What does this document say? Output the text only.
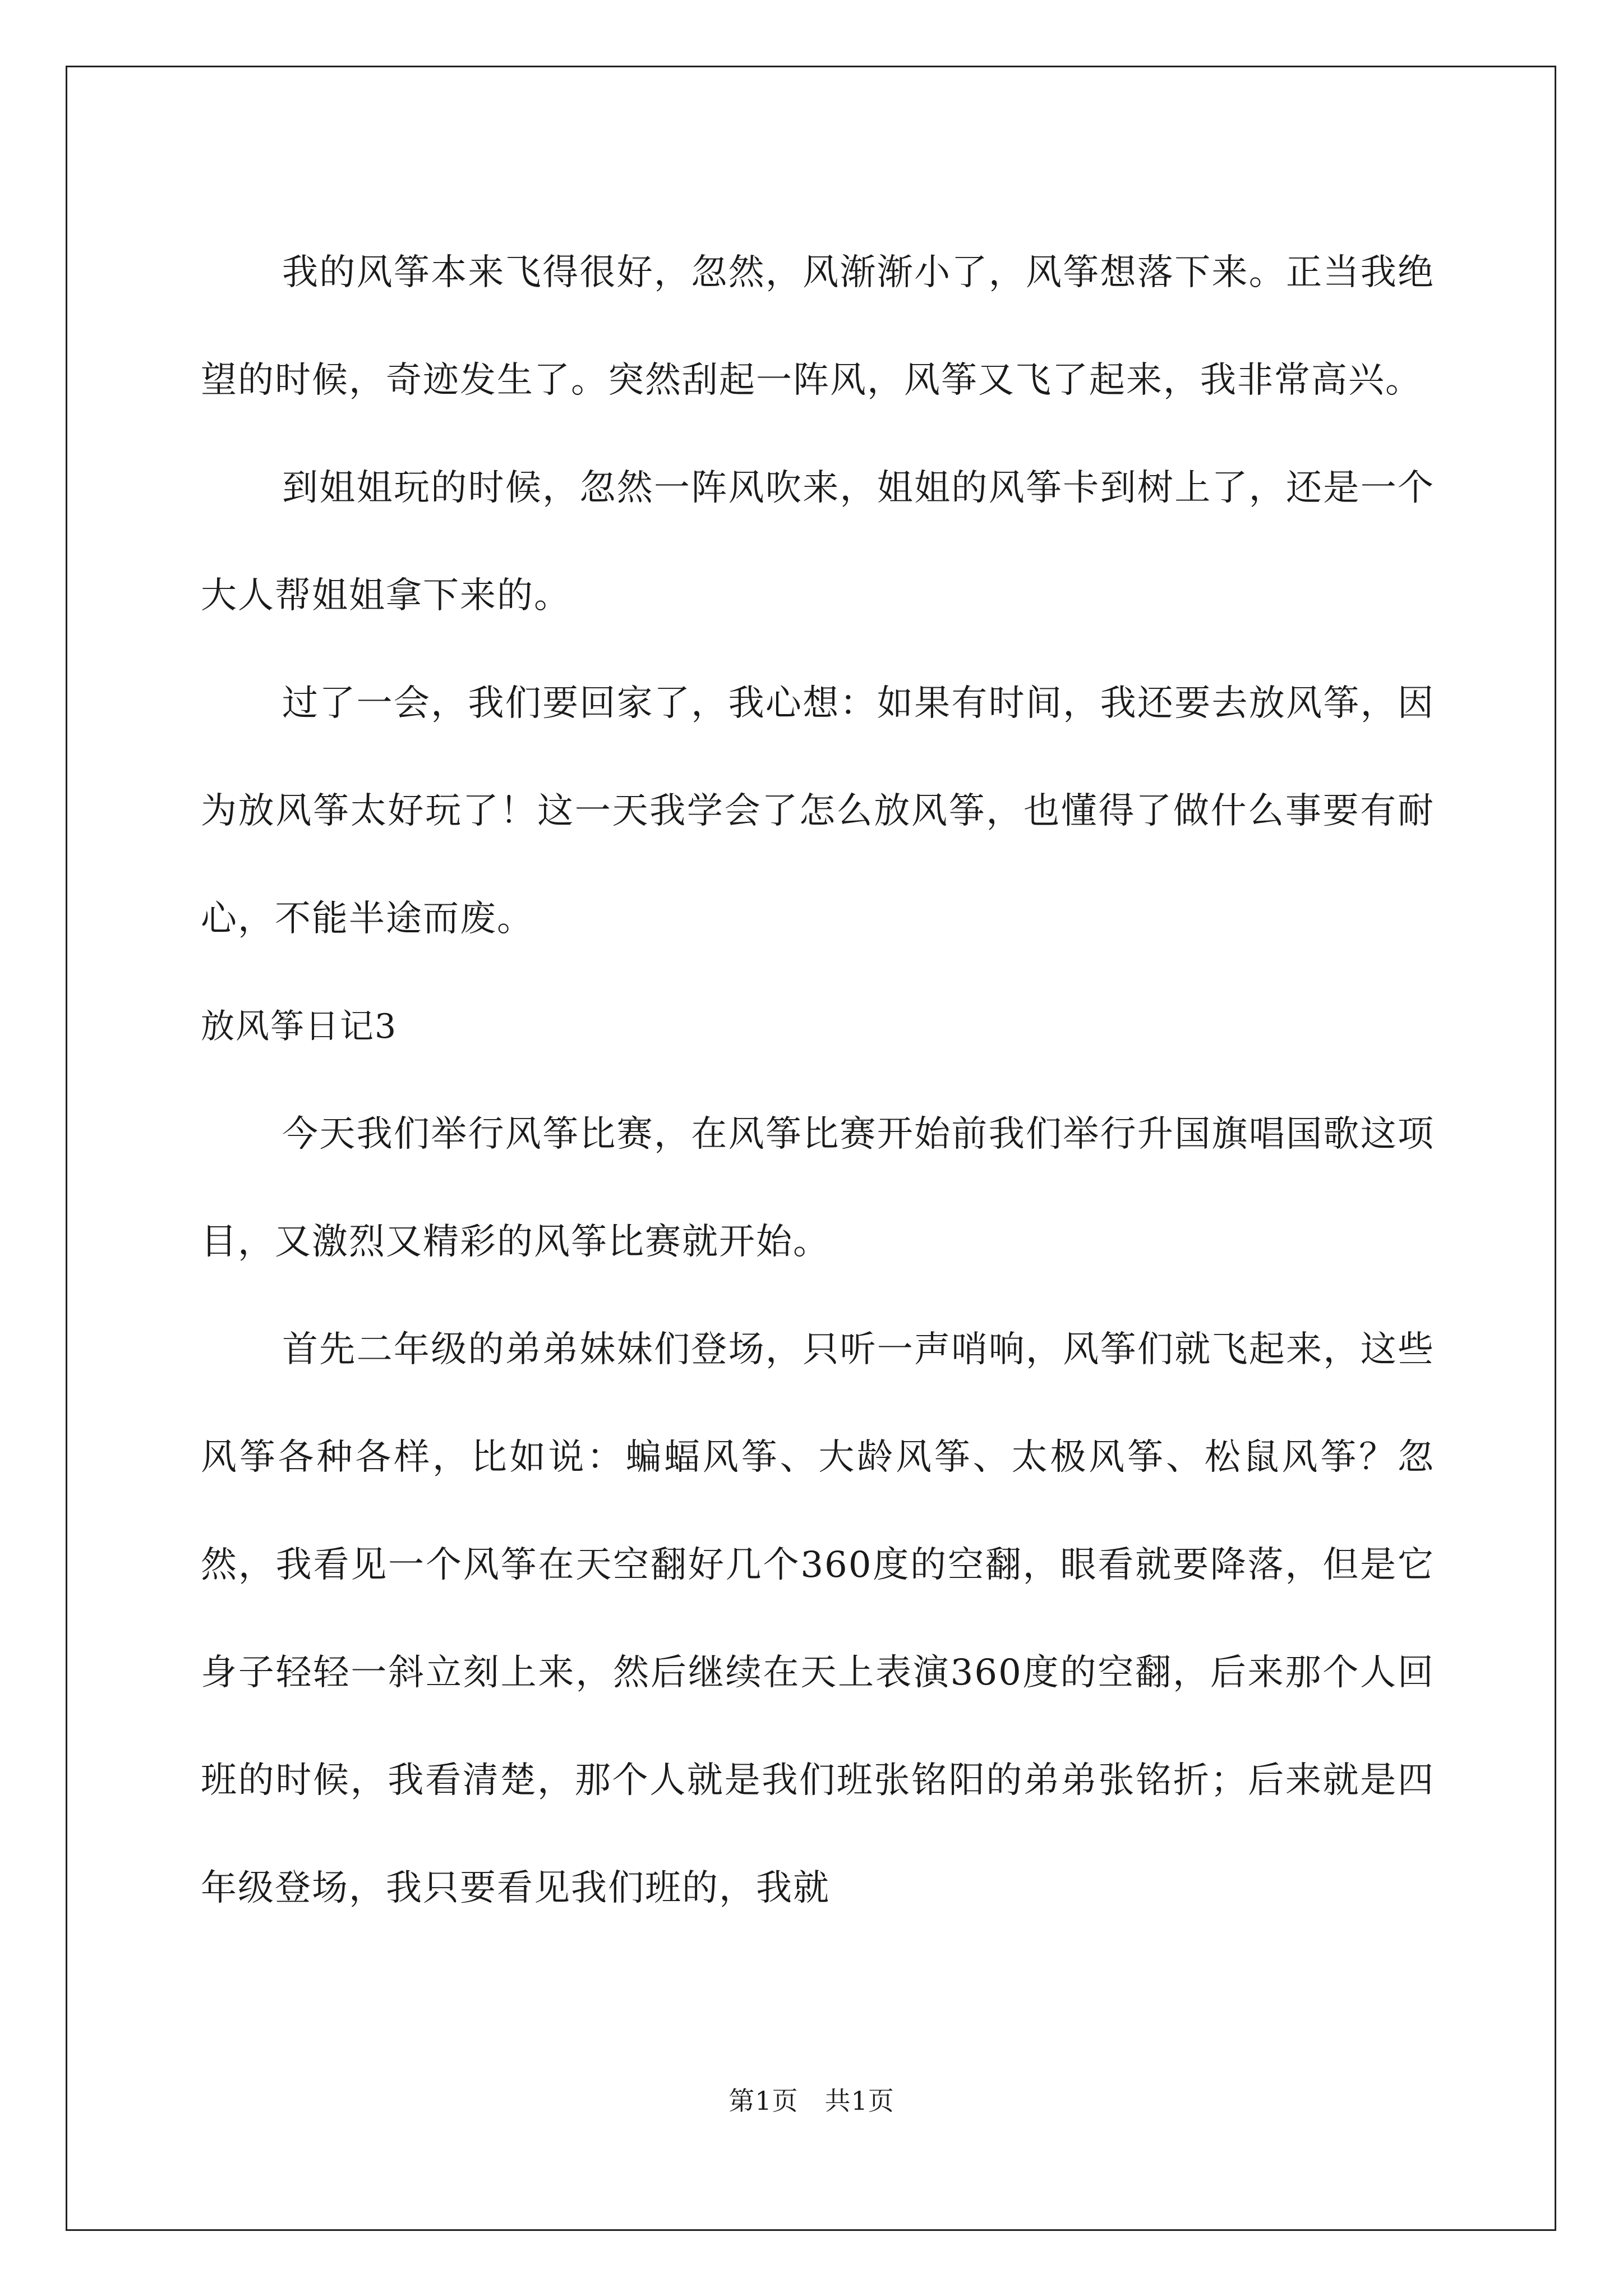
我的风筝本来飞得很好，忽然，风渐渐小了，风筝想落下来。正当我绝望的时候，奇迹发生了。突然刮起一阵风，风筝又飞了起来，我非常高兴。

到姐姐玩的时候，忽然一阵风吹来，姐姐的风筝卡到树上了，还是一个大人帮姐姐拿下来的。

过了一会，我们要回家了，我心想：如果有时间，我还要去放风筝，因为放风筝太好玩了！这一天我学会了怎么放风筝，也懂得了做什么事要有耐心，不能半途而废。

放风筝日记3

今天我们举行风筝比赛，在风筝比赛开始前我们举行升国旗唱国歌这项目，又激烈又精彩的风筝比赛就开始。

首先二年级的弟弟妹妹们登场，只听一声哨响，风筝们就飞起来，这些风筝各种各样，比如说：蝙蝠风筝、大龄风筝、太极风筝、松鼠风筝？忽然，我看见一个风筝在天空翻好几个360度的空翻，眼看就要降落，但是它身子轻轻一斜立刻上来，然后继续在天上表演360度的空翻，后来那个人回班的时候，我看清楚，那个人就是我们班张铭阳的弟弟张铭折；后来就是四年级登场，我只要看见我们班的，我就

第1页　共1页
